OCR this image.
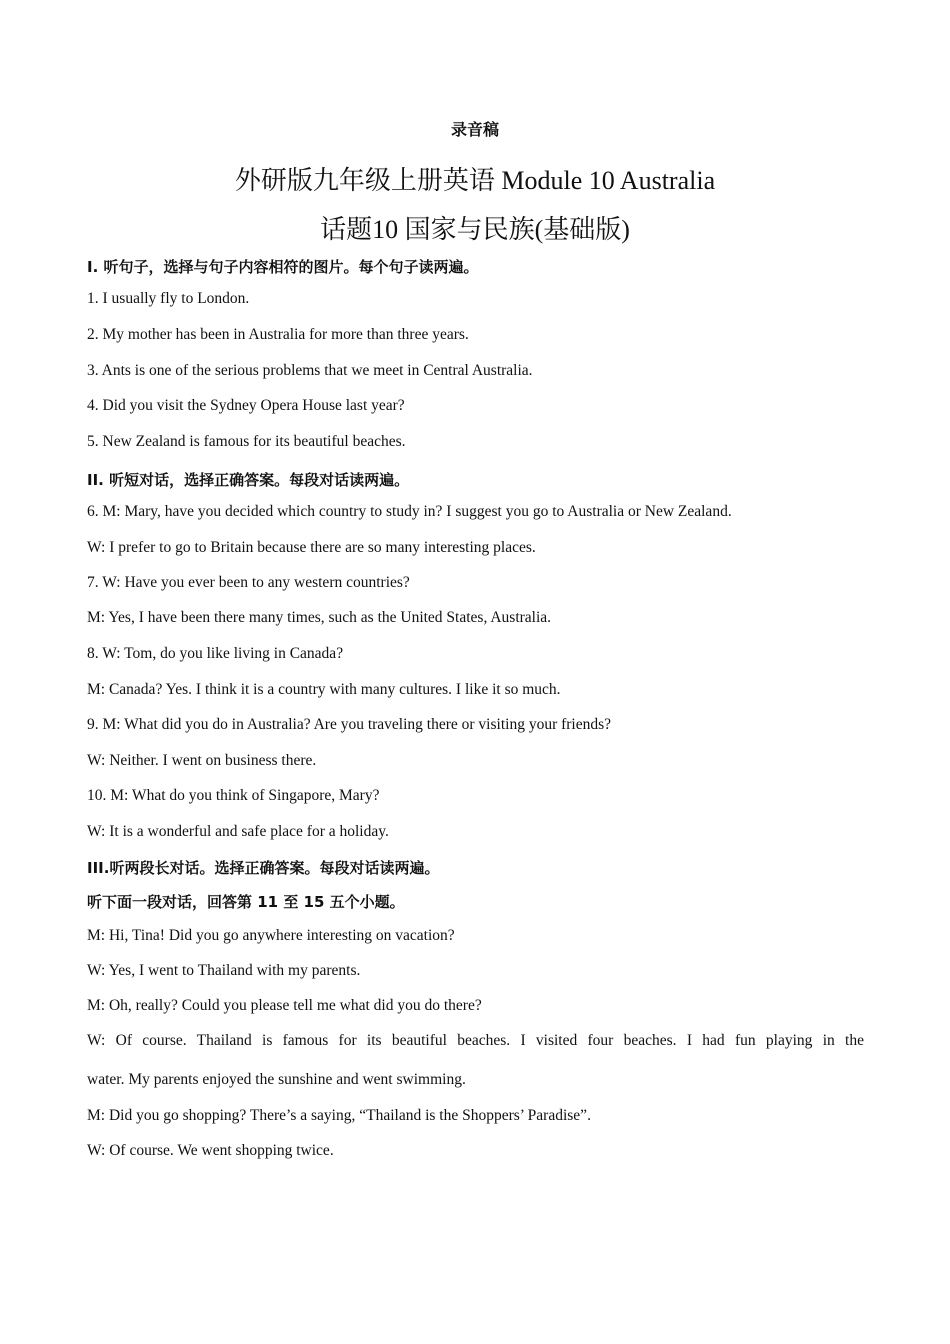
录音稿
外研版九年级上册英语 Module 10 Australia
话题10 国家与民族(基础版)
Ⅰ. 听句子，选择与句子内容相符的图片。每个句子读两遍。
1. I usually fly to London.
2. My mother has been in Australia for more than three years.
3. Ants is one of the serious problems that we meet in Central Australia.
4. Did you visit the Sydney Opera House last year?
5. New Zealand is famous for its beautiful beaches.
II. 听短对话，选择正确答案。每段对话读两遍。
6. M: Mary, have you decided which country to study in? I suggest you go to Australia or New Zealand.
W: I prefer to go to Britain because there are so many interesting places.
7. W: Have you ever been to any western countries?
M: Yes, I have been there many times, such as the United States, Australia.
8. W: Tom, do you like living in Canada?
M: Canada? Yes. I think it is a country with many cultures. I like it so much.
9. M: What did you do in Australia? Are you traveling there or visiting your friends?
W: Neither. I went on business there.
10. M: What do you think of Singapore, Mary?
W: It is a wonderful and safe place for a holiday.
III.听两段长对话。选择正确答案。每段对话读两遍。
听下面一段对话，回答第 11 至 15 五个小题。
M: Hi, Tina! Did you go anywhere interesting on vacation?
W: Yes, I went to Thailand with my parents.
M: Oh, really? Could you please tell me what did you do there?
W: Of course. Thailand is famous for its beautiful beaches. I visited four beaches. I had fun playing in the
water. My parents enjoyed the sunshine and went swimming.
M: Did you go shopping? There’s a saying, “Thailand is the Shoppers’ Paradise”.
W: Of course. We went shopping twice.
